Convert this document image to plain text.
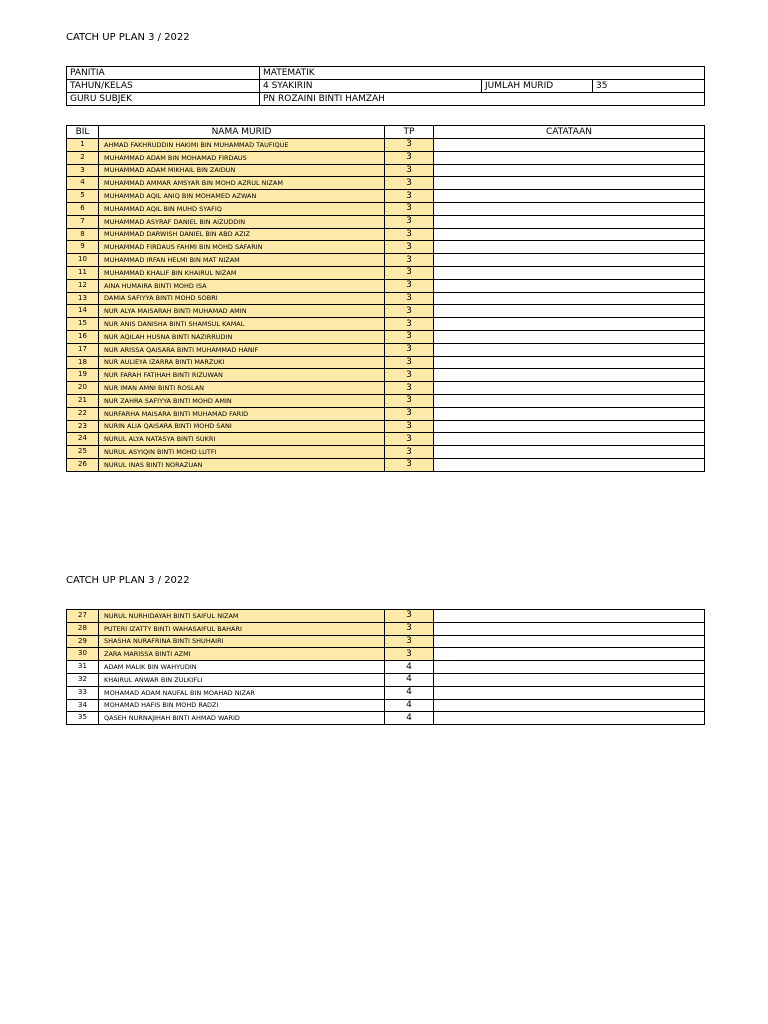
CATCH UP PLAN 3 / 2022
PANITIA	MATEMATIK		
TAHUN/KELAS	4 SYAKIRIN	JUMLAH MURID	35
GURU SUBJEK	PN ROZAINI BINTI HAMZAH		
BIL	NAMA MURID	TP	CATATAAN
1	AHMAD FAKHRUDDIN HAKIMI BIN MUHAMMAD TAUFIQUE	3	
2	MUHAMMAD ADAM BIN MOHAMAD FIRDAUS	3	
3	MUHAMMAD ADAM MIKHAIL BIN ZAIDUN	3	
4	MUHAMMAD AMMAR AMSYAR BIN MOHD AZRUL NIZAM	3	
5	MUHAMMAD AQIL ANIQ BIN MOHAMED AZWAN	3	
6	MUHAMMAD AQIL BIN MUHD SYAFIQ	3	
7	MUHAMMAD ASYRAF DANIEL BIN AIZUDDIN	3	
8	MUHAMMAD DARWISH DANIEL BIN ABD AZIZ	3	
9	MUHAMMAD FIRDAUS FAHMI BIN MOHD SAFARIN	3	
10	MUHAMMAD IRFAN HELMI BIN MAT NIZAM	3	
11	MUHAMMAD KHALIF BIN KHAIRUL NIZAM	3	
12	AINA HUMAIRA BINTI MOHD ISA	3	
13	DAMIA SAFIYYA BINTI MOHD SOBRI	3	
14	NUR ALYA MAISARAH BINTI MUHAMAD AMIN	3	
15	NUR ANIS DANISHA BINTI SHAMSUL KAMAL	3	
16	NUR AQILAH HUSNA BINTI NAZIRRUDIN	3	
17	NUR ARISSA QAISARA BINTI MUHAMMAD HANIF	3	
18	NUR AULIEYA IZARRA BINTI MARZUKI	3	
19	NUR FARAH FATIHAH BINTI RIZUWAN	3	
20	NUR IMAN AMNI BINTI ROSLAN	3	
21	NUR ZAHRA SAFIYYA BINTI MOHD AMIN	3	
22	NURFARHA MAISARA BINTI MUHAMAD FARID	3	
23	NURIN ALIA QAISARA BINTI MOHD SANI	3	
24	NURUL ALYA NATASYA BINTI SUKRI	3	
25	NURUL ASYIQIN BINTI MOHD LUTFI	3	
26	NURUL INAS BINTI NORAZUAN	3	
CATCH UP PLAN 3 / 2022
27	NURUL NURHIDAYAH BINTI SAIFUL NIZAM	3	
28	PUTERI IZATTY BINTI WAHASAIFUL BAHARI	3	
29	SHASHA NURAFRINA BINTI SHUHAIRI	3	
30	ZARA MARISSA BINTI AZMI	3	
31	ADAM MALIK BIN WAHYUDIN	4	
32	KHAIRUL ANWAR BIN ZULKIFLI	4	
33	MOHAMAD ADAM NAUFAL BIN MOAHAD NIZAR	4	
34	MOHAMAD HAFIS BIN MOHD RADZI	4	
35	QASEH NURNAJIHAH BINTI AHMAD WARID	4	
